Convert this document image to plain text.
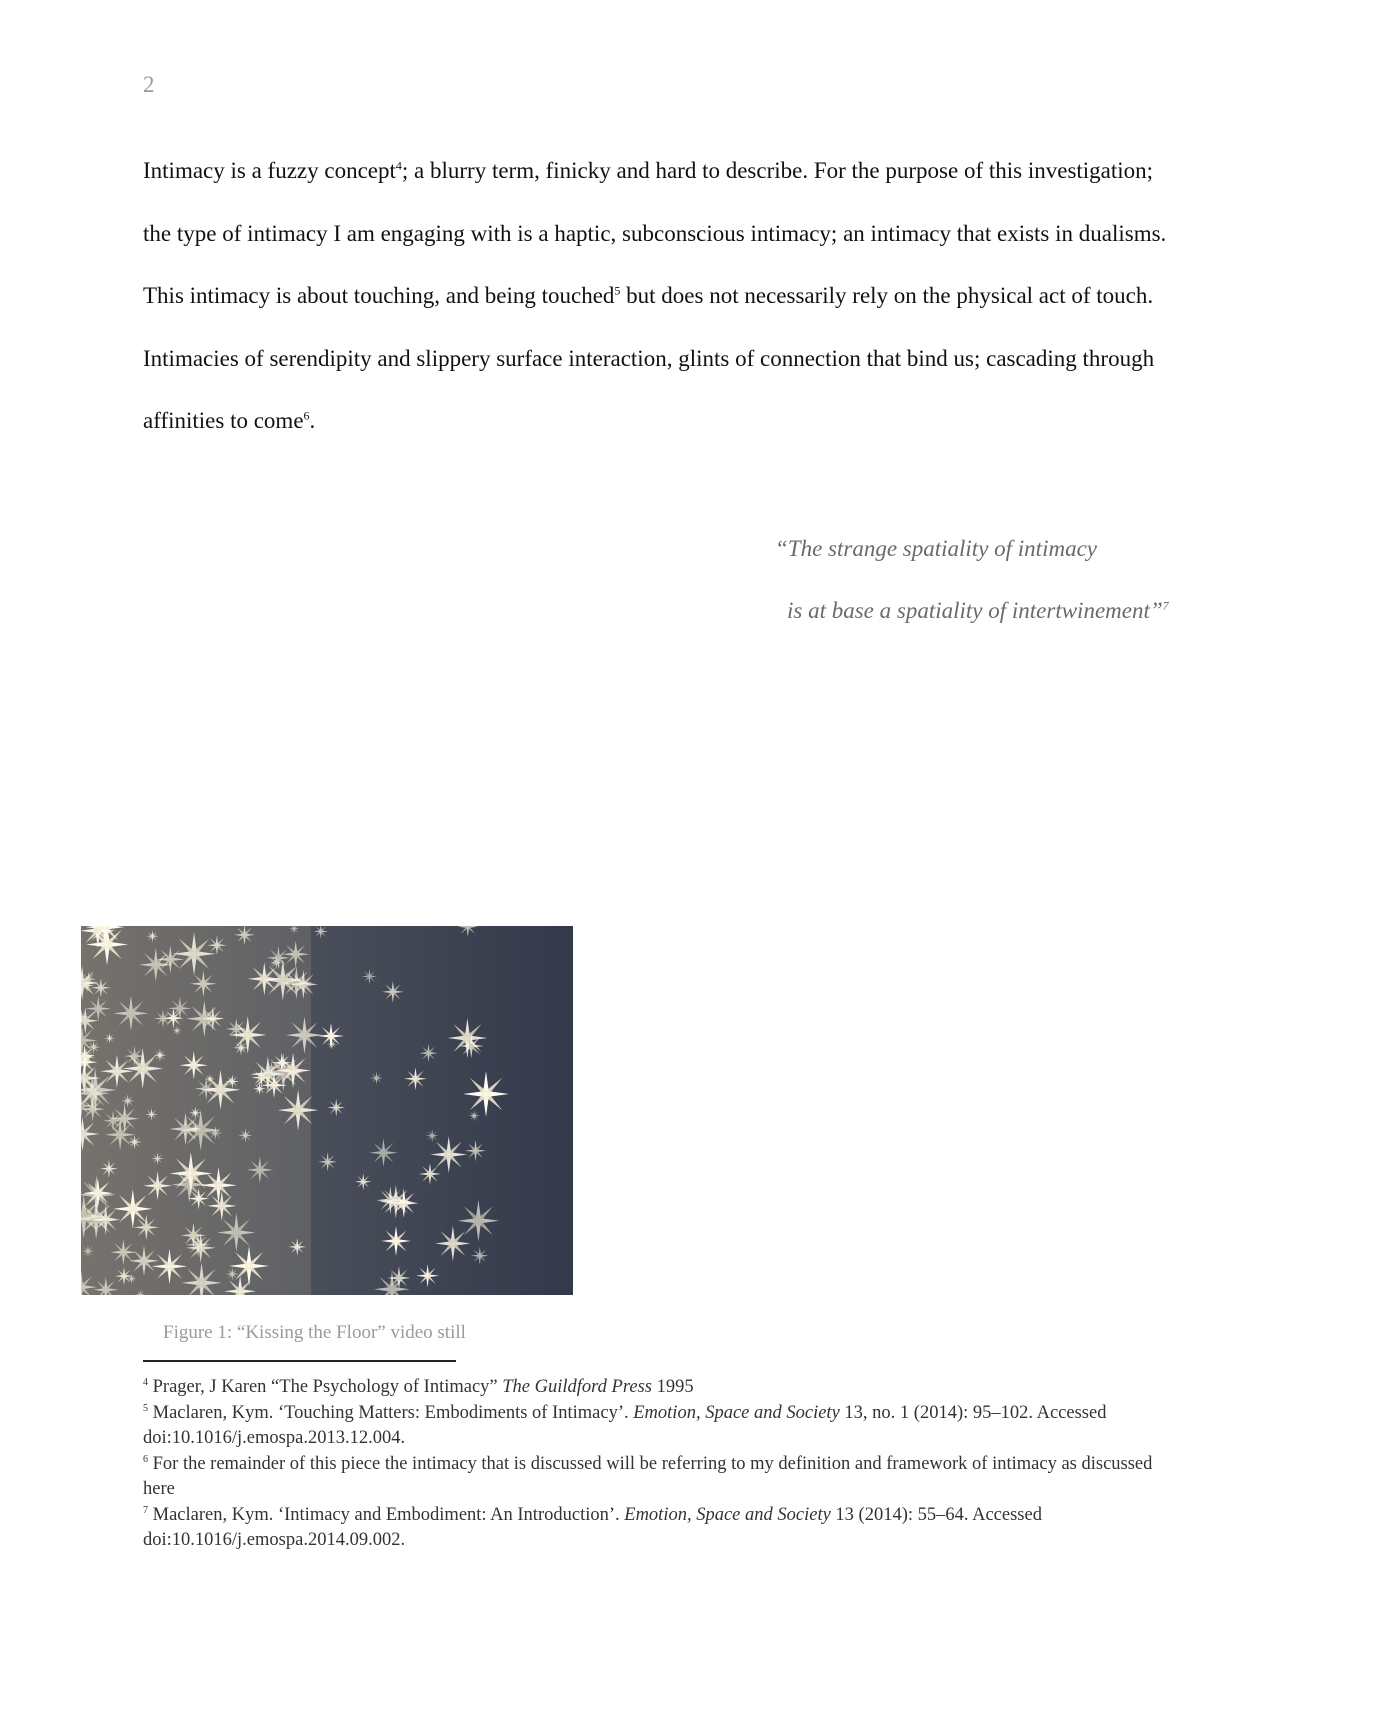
2

Intimacy is a fuzzy concept$^4$; a blurry term, finicky and hard to describe. For the purpose of this investigation;
the type of intimacy I am engaging with is a haptic, subconscious intimacy; an intimacy that exists in dualisms.
This intimacy is about touching, and being touched$^5$ but does not necessarily rely on the physical act of touch.
Intimacies of serendipity and slippery surface interaction, glints of connection that bind us; cascading through
affinities to come$^6$.

“The strange spatiality of intimacy
is at base a spatiality of intertwinement”$^7$

Figure 1: “Kissing the Floor” video still

$^4$ Prager, J Karen “The Psychology of Intimacy” The Guildford Press 1995

$^5$ Maclaren, Kym. ‘Touching Matters: Embodiments of Intimacy’. Emotion, Space and Society 13, no. 1 (2014): 95–102. Accessed doi:10.1016/j.emospa.2013.12.004.

$^6$ For the remainder of this piece the intimacy that is discussed will be referring to my definition and framework of intimacy as discussed here

$^7$ Maclaren, Kym. ‘Intimacy and Embodiment: An Introduction’. Emotion, Space and Society 13 (2014): 55–64. Accessed doi:10.1016/j.emospa.2014.09.002.
